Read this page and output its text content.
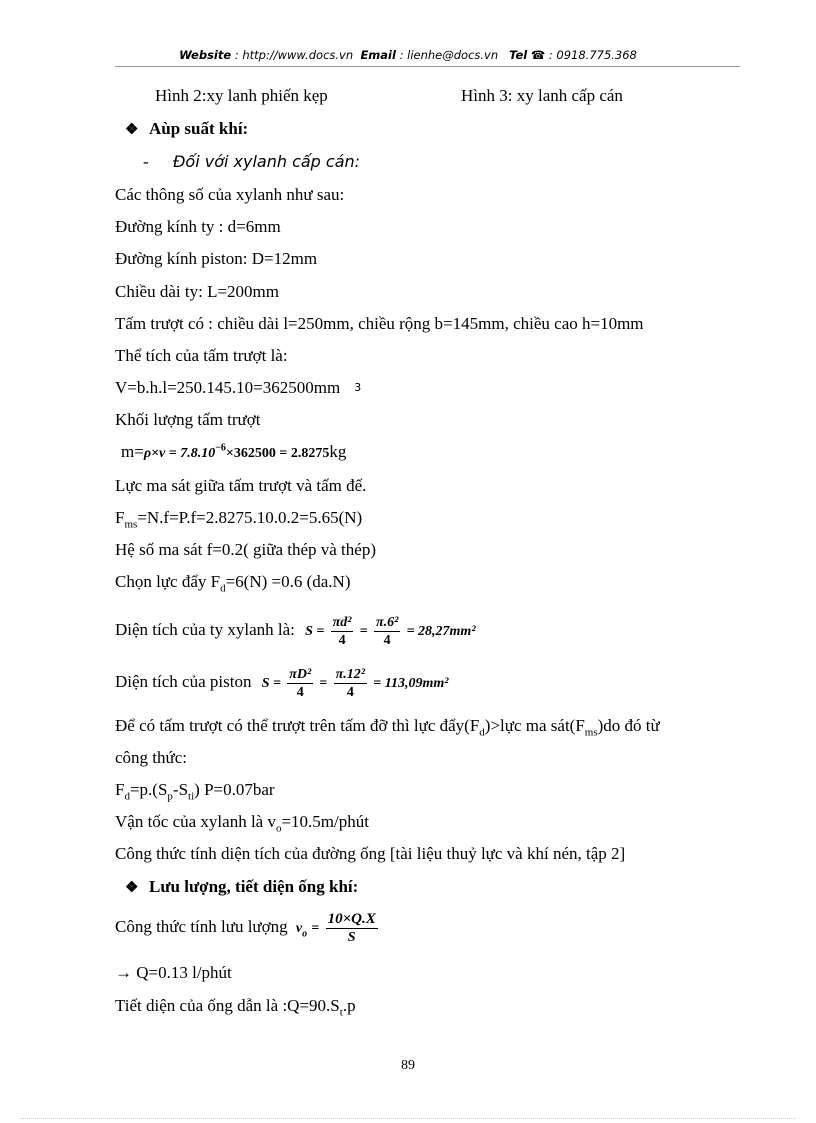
Website : http://www.docs.vn Email : lienhe@docs.vn Tel ☎ : 0918.775.368
Hình 2:xy lanh phiến kẹp	Hình 3: xy lanh cấp cán
❖ Aùp suất khí:
- Đối với xylanh cấp cán:
Các thông số của xylanh như sau:
Đường kính ty : d=6mm
Đường kính piston: D=12mm
Chiều dài ty: L=200mm
Tấm trượt có : chiều dài l=250mm, chiều rộng b=145mm, chiều cao h=10mm
Thể tích của tấm trượt là:
V=b.h.l=250.145.10=362500mm $^3$
Khối lượng tấm trượt
$m=\rho\times\nu = 7.8.10^{-6}\times 362500 = 2.8275kg$
Lực ma sát giữa tấm trượt và tấm đế.
$F_{ms}=N.f=P.f=2.8275.10.0.2=5.65(N)$
Hệ số ma sát f=0.2( giữa thép và thép)
Chọn lực đẩy $F_d=6(N) =0.6$ (da.N)
Diện tích của ty xylanh là: $S = \frac{\text{πd²}}{4} = \frac{\text{π.6²}}{4} = 28,27mm^2$
Diện tích của piston $S = \frac{\text{πD²}}{4} = \frac{\text{π.12²}}{4} = 113,09mm^2$
Để có tấm trượt có thể trượt trên tấm đỡ thì lực $đẩy(F_d)>lực$ ma $sát(F_{ms})do$ đó từ
công thức:
$F_d=p.(S_p-S_{ti})$ P=0.07bar
Vận tốc của xylanh là $v_o=10.5m$/phút
Công thức tính diện tích của đường ống [tài liệu thuỷ lực và khí nén, tập 2]
❖ Lưu lượng, tiết diện ống khí:
Công thức tính lưu lượng $v_o = \frac{10\times Q.X}{S}$
→ Q=0.13 l/phút
Tiết diện của ống dẫn là $:Q=90.S_t.p$
89
